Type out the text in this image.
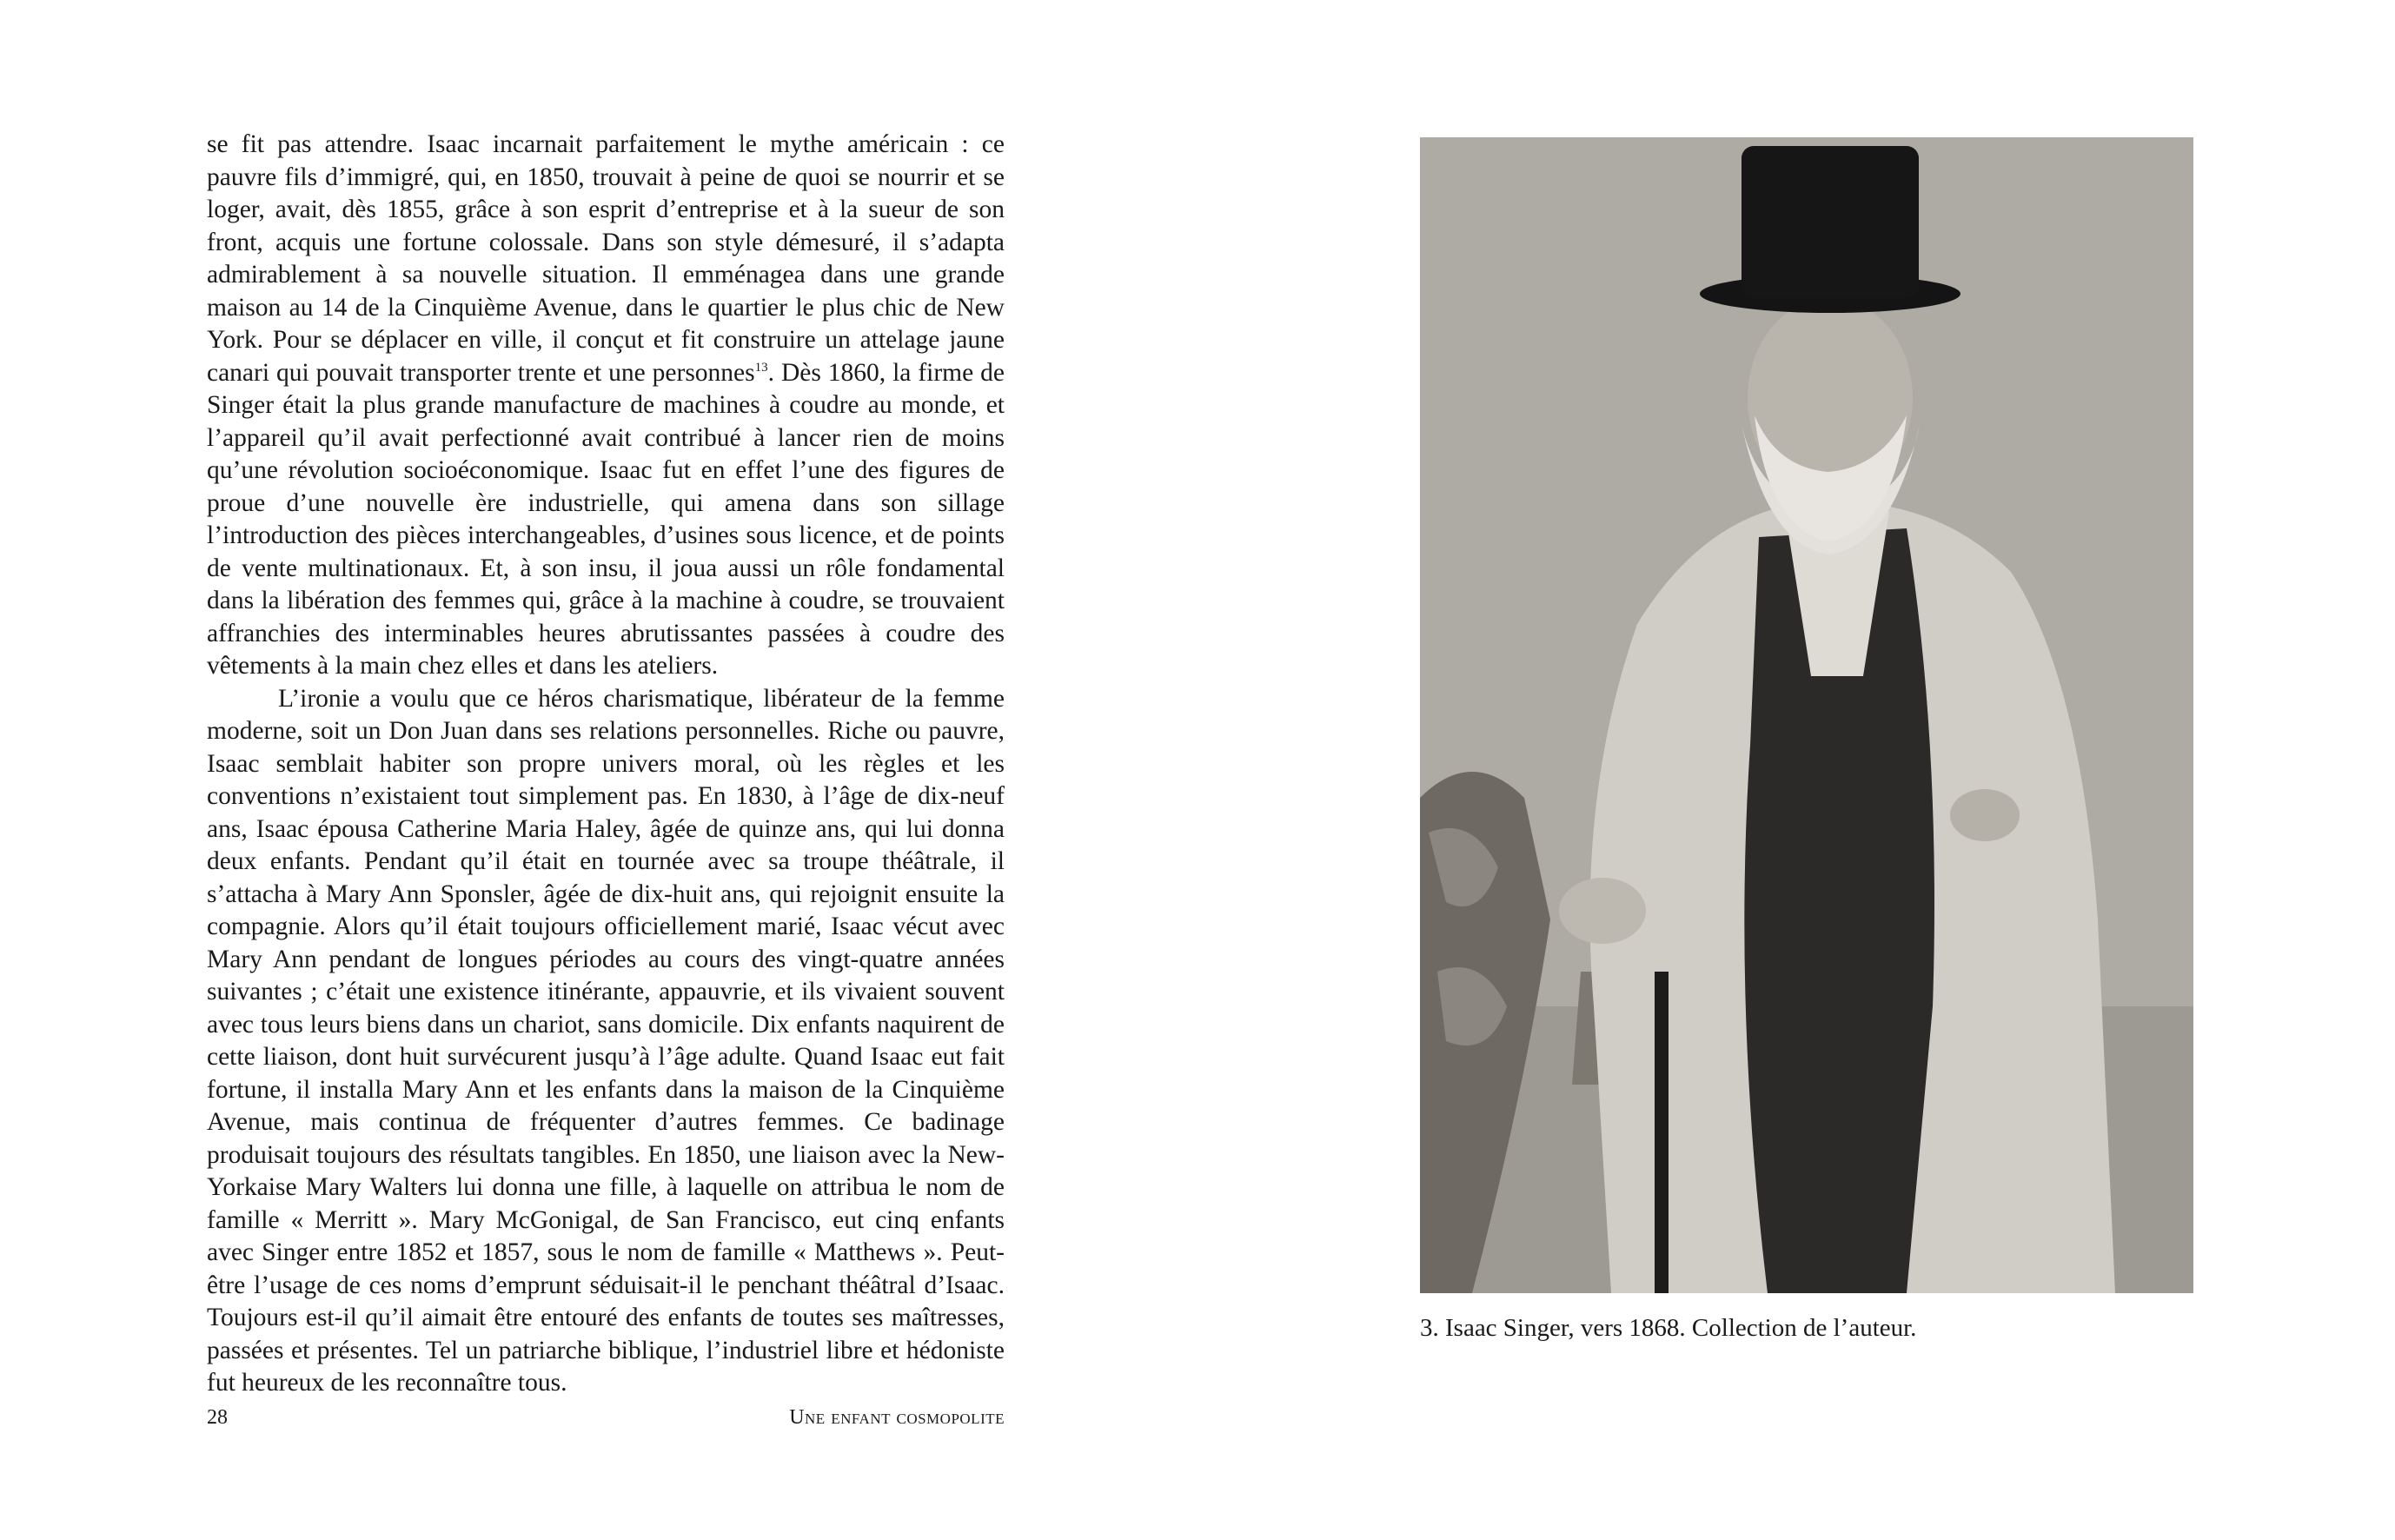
se fit pas attendre. Isaac incarnait parfaitement le mythe américain : ce pauvre fils d’immigré, qui, en 1850, trouvait à peine de quoi se nourrir et se loger, avait, dès 1855, grâce à son esprit d’entreprise et à la sueur de son front, acquis une fortune colossale. Dans son style démesuré, il s’adapta admirablement à sa nouvelle situation. Il emménagea dans une grande maison au 14 de la Cinquième Avenue, dans le quartier le plus chic de New York. Pour se déplacer en ville, il conçut et fit construire un attelage jaune canari qui pouvait transporter trente et une personnes$^{13}$. Dès 1860, la firme de Singer était la plus grande manufacture de machines à coudre au monde, et l’appareil qu’il avait perfectionné avait contribué à lancer rien de moins qu’une révolution socioéconomique. Isaac fut en effet l’une des figures de proue d’une nouvelle ère industrielle, qui amena dans son sillage l’introduction des pièces interchangeables, d’usines sous licence, et de points de vente multinationaux. Et, à son insu, il joua aussi un rôle fondamental dans la libération des femmes qui, grâce à la machine à coudre, se trouvaient affranchies des interminables heures abrutissantes passées à coudre des vêtements à la main chez elles et dans les ateliers.

L’ironie a voulu que ce héros charismatique, libérateur de la femme moderne, soit un Don Juan dans ses relations personnelles. Riche ou pauvre, Isaac semblait habiter son propre univers moral, où les règles et les conventions n’existaient tout simplement pas. En 1830, à l’âge de dix-neuf ans, Isaac épousa Catherine Maria Haley, âgée de quinze ans, qui lui donna deux enfants. Pendant qu’il était en tournée avec sa troupe théâtrale, il s’attacha à Mary Ann Sponsler, âgée de dix-huit ans, qui rejoignit ensuite la compagnie. Alors qu’il était toujours officiellement marié, Isaac vécut avec Mary Ann pendant de longues périodes au cours des vingt-quatre années suivantes ; c’était une existence itinérante, appauvrie, et ils vivaient souvent avec tous leurs biens dans un chariot, sans domicile. Dix enfants naquirent de cette liaison, dont huit survécurent jusqu’à l’âge adulte. Quand Isaac eut fait fortune, il installa Mary Ann et les enfants dans la maison de la Cinquième Avenue, mais continua de fréquenter d’autres femmes. Ce badinage produisait toujours des résultats tangibles. En 1850, une liaison avec la New-Yorkaise Mary Walters lui donna une fille, à laquelle on attribua le nom de famille « Merritt ». Mary McGonigal, de San Francisco, eut cinq enfants avec Singer entre 1852 et 1857, sous le nom de famille « Matthews ». Peut-être l’usage de ces noms d’emprunt séduisait-il le penchant théâtral d’Isaac. Toujours est-il qu’il aimait être entouré des enfants de toutes ses maîtresses, passées et présentes. Tel un patriarche biblique, l’industriel libre et hédoniste fut heureux de les reconnaître tous.

28	Une enfant cosmopolite

3. Isaac Singer, vers 1868. Collection de l’auteur.
